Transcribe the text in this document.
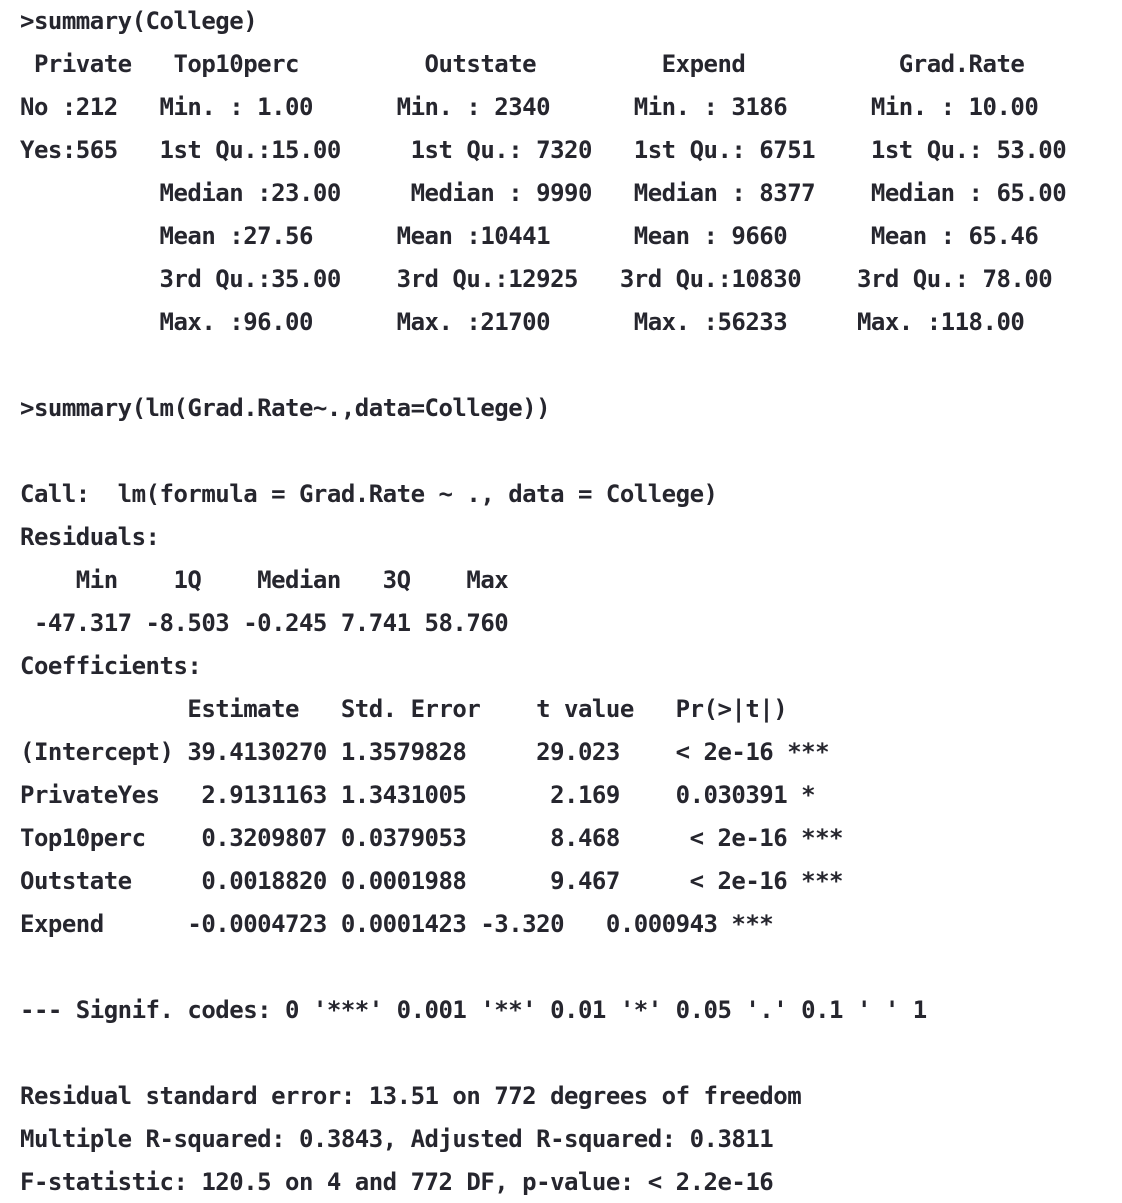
>summary(College)
Private   Top10perc         Outstate         Expend           Grad.Rate
No :212   Min. : 1.00      Min. : 2340      Min. : 3186      Min. : 10.00
Yes:565   1st Qu.:15.00     1st Qu.: 7320   1st Qu.: 6751    1st Qu.: 53.00
Median :23.00     Median : 9990   Median : 8377    Median : 65.00
Mean :27.56      Mean :10441      Mean : 9660      Mean : 65.46
3rd Qu.:35.00    3rd Qu.:12925   3rd Qu.:10830    3rd Qu.: 78.00
Max. :96.00      Max. :21700      Max. :56233     Max. :118.00
>summary(lm(Grad.Rate~.,data=College))
Call:  lm(formula = Grad.Rate ~ ., data = College)
Residuals:
Min    1Q    Median   3Q    Max
-47.317 -8.503 -0.245 7.741 58.760
Coefficients:
Estimate   Std. Error    t value   Pr(>|t|)
(Intercept) 39.4130270 1.3579828     29.023    < 2e-16 ***
PrivateYes   2.9131163 1.3431005      2.169    0.030391 *
Top10perc    0.3209807 0.0379053      8.468     < 2e-16 ***
Outstate     0.0018820 0.0001988      9.467     < 2e-16 ***
Expend      -0.0004723 0.0001423 -3.320   0.000943 ***
--- Signif. codes: 0 '***' 0.001 '**' 0.01 '*' 0.05 '.' 0.1 ' ' 1
Residual standard error: 13.51 on 772 degrees of freedom
Multiple R-squared: 0.3843, Adjusted R-squared: 0.3811
F-statistic: 120.5 on 4 and 772 DF, p-value: < 2.2e-16
